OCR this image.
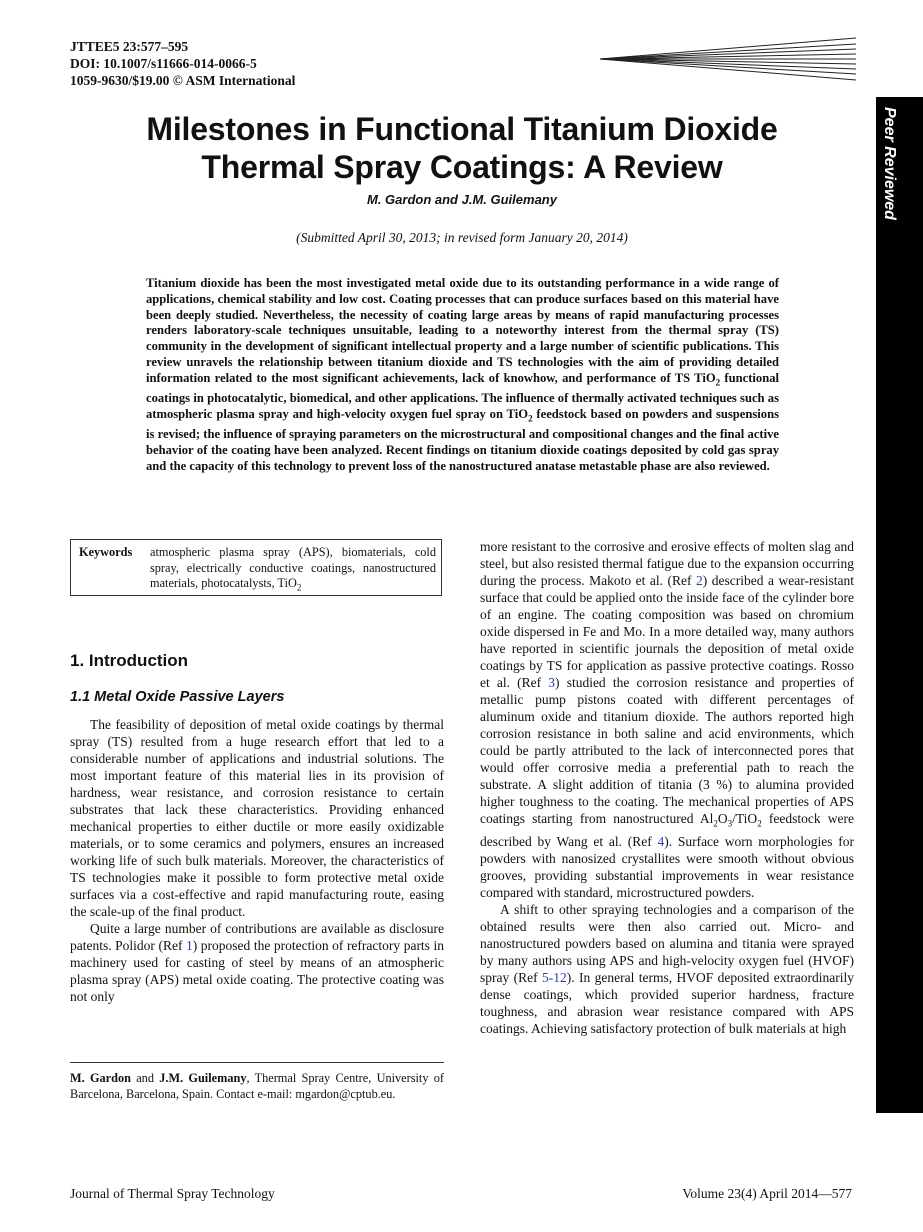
JTTEE5 23:577–595
DOI: 10.1007/s11666-014-0066-5
1059-9630/$19.00 © ASM International
Peer Reviewed
Milestones in Functional Titanium Dioxide
Thermal Spray Coatings: A Review
M. Gardon and J.M. Guilemany
(Submitted April 30, 2013; in revised form January 20, 2014)
Titanium dioxide has been the most investigated metal oxide due to its outstanding performance in a wide range of applications, chemical stability and low cost. Coating processes that can produce surfaces based on this material have been deeply studied. Nevertheless, the necessity of coating large areas by means of rapid manufacturing processes renders laboratory-scale techniques unsuitable, leading to a noteworthy interest from the thermal spray (TS) community in the development of significant intellectual property and a large number of scientific publications. This review unravels the relationship between titanium dioxide and TS technologies with the aim of providing detailed information related to the most significant achievements, lack of knowhow, and performance of TS TiO$_2$ functional coatings in photocatalytic, biomedical, and other applications. The influence of thermally activated techniques such as atmospheric plasma spray and high-velocity oxygen fuel spray on TiO$_2$ feedstock based on powders and suspensions is revised; the influence of spraying parameters on the microstructural and compositional changes and the final active behavior of the coating have been analyzed. Recent findings on titanium dioxide coatings deposited by cold gas spray and the capacity of this technology to prevent loss of the nanostructured anatase metastable phase are also reviewed.
Keywords atmospheric plasma spray (APS), biomaterials, cold spray, electrically conductive coatings, nanostructured materials, photocatalysts, TiO$_2$
1. Introduction
1.1 Metal Oxide Passive Layers

The feasibility of deposition of metal oxide coatings by thermal spray (TS) resulted from a huge research effort that led to a considerable number of applications and industrial solutions. The most important feature of this material lies in its provision of hardness, wear resistance, and corrosion resistance to certain substrates that lack these characteristics. Providing enhanced mechanical properties to either ductile or more easily oxidizable materials, or to some ceramics and polymers, ensures an increased working life of such bulk materials. Moreover, the characteristics of TS technologies make it possible to form protective metal oxide surfaces via a cost-effective and rapid manufacturing route, easing the scale-up of the final product.

Quite a large number of contributions are available as disclosure patents. Polidor (Ref 1) proposed the protection of refractory parts in machinery used for casting of steel by means of an atmospheric plasma spray (APS) metal oxide coating. The protective coating was not only

M. Gardon and J.M. Guilemany, Thermal Spray Centre, University of Barcelona, Barcelona, Spain. Contact e-mail: mgardon@cptub.eu.

more resistant to the corrosive and erosive effects of molten slag and steel, but also resisted thermal fatigue due to the expansion occurring during the process. Makoto et al. (Ref 2) described a wear-resistant surface that could be applied onto the inside face of the cylinder bore of an engine. The coating composition was based on chromium oxide dispersed in Fe and Mo. In a more detailed way, many authors have reported in scientific journals the deposition of metal oxide coatings by TS for application as passive protective coatings. Rosso et al. (Ref 3) studied the corrosion resistance and properties of metallic pump pistons coated with different percentages of aluminum oxide and titanium dioxide. The authors reported high corrosion resistance in both saline and acid environments, which could be partly attributed to the lack of interconnected pores that would offer corrosive media a preferential path to reach the substrate. A slight addition of titania (3 %) to alumina provided higher toughness to the coating. The mechanical properties of APS coatings starting from nanostructured $Al_2O_3/TiO_2$ feedstock were described by Wang et al. (Ref 4). Surface worn morphologies for powders with nanosized crystallites were smooth without obvious grooves, providing substantial improvements in wear resistance compared with standard, microstructured powders.

A shift to other spraying technologies and a comparison of the obtained results were then also carried out. Micro- and nanostructured powders based on alumina and titania were sprayed by many authors using APS and high-velocity oxygen fuel (HVOF) spray (Ref 5-12). In general terms, HVOF deposited extraordinarily dense coatings, which provided superior hardness, fracture toughness, and abrasion wear resistance compared with APS coatings. Achieving satisfactory protection of bulk materials at high

Journal of Thermal Spray Technology	Volume 23(4) April 2014—577
